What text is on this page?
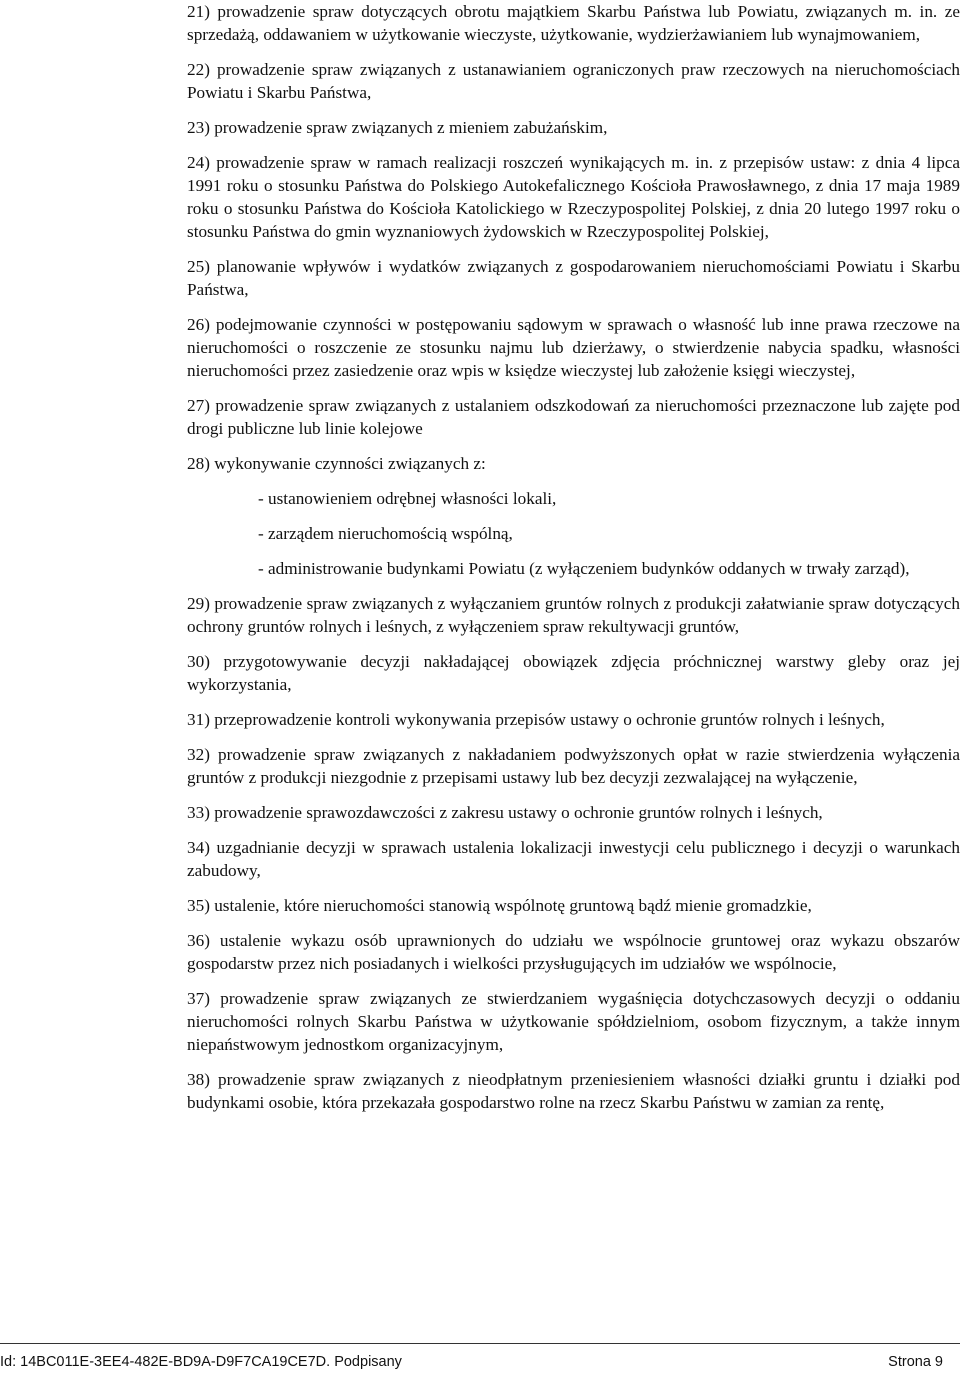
21) prowadzenie spraw dotyczących obrotu majątkiem Skarbu Państwa lub Powiatu, związanych m. in. ze sprzedażą, oddawaniem w użytkowanie wieczyste, użytkowanie, wydzierżawianiem lub wynajmowaniem,

22) prowadzenie spraw związanych z ustanawianiem ograniczonych praw rzeczowych na nieruchomościach Powiatu i Skarbu Państwa,

23) prowadzenie spraw związanych z mieniem zabużańskim,

24) prowadzenie spraw w ramach realizacji roszczeń wynikających m. in. z przepisów ustaw: z dnia 4 lipca 1991 roku o stosunku Państwa do Polskiego Autokefalicznego Kościoła Prawosławnego, z dnia 17 maja 1989 roku o stosunku Państwa do Kościoła Katolickiego w Rzeczypospolitej Polskiej, z dnia 20 lutego 1997 roku o stosunku Państwa do gmin wyznaniowych żydowskich w Rzeczypospolitej Polskiej,

25) planowanie wpływów i wydatków związanych z gospodarowaniem nieruchomościami Powiatu i Skarbu Państwa,

26) podejmowanie czynności w postępowaniu sądowym w sprawach o własność lub inne prawa rzeczowe na nieruchomości o roszczenie ze stosunku najmu lub dzierżawy, o stwierdzenie nabycia spadku, własności nieruchomości przez zasiedzenie oraz wpis w księdze wieczystej lub założenie księgi wieczystej,

27) prowadzenie spraw związanych z ustalaniem odszkodowań za nieruchomości przeznaczone lub zajęte pod drogi publiczne lub linie kolejowe

28) wykonywanie czynności związanych z:

- ustanowieniem odrębnej własności lokali,
- zarządem nieruchomością wspólną,
- administrowanie budynkami Powiatu (z wyłączeniem budynków oddanych w trwały zarząd),

29) prowadzenie spraw związanych z wyłączaniem gruntów rolnych z produkcji załatwianie spraw dotyczących ochrony gruntów rolnych i leśnych, z wyłączeniem spraw rekultywacji gruntów,

30) przygotowywanie decyzji nakładającej obowiązek zdjęcia próchnicznej warstwy gleby oraz jej wykorzystania,

31) przeprowadzenie kontroli wykonywania przepisów ustawy o ochronie gruntów rolnych i leśnych,

32) prowadzenie spraw związanych z nakładaniem podwyższonych opłat w razie stwierdzenia wyłączenia gruntów z produkcji niezgodnie z przepisami ustawy lub bez decyzji zezwalającej na wyłączenie,

33) prowadzenie sprawozdawczości z zakresu ustawy o ochronie gruntów rolnych i leśnych,

34) uzgadnianie decyzji w sprawach ustalenia lokalizacji inwestycji celu publicznego i decyzji o warunkach zabudowy,

35) ustalenie, które nieruchomości stanowią wspólnotę gruntową bądź mienie gromadzkie,

36) ustalenie wykazu osób uprawnionych do udziału we wspólnocie gruntowej oraz wykazu obszarów gospodarstw przez nich posiadanych i wielkości przysługujących im udziałów we wspólnocie,

37) prowadzenie spraw związanych ze stwierdzaniem wygaśnięcia dotychczasowych decyzji o oddaniu nieruchomości rolnych Skarbu Państwa w użytkowanie spółdzielniom, osobom fizycznym, a także innym niepaństwowym jednostkom organizacyjnym,

38) prowadzenie spraw związanych z nieodpłatnym przeniesieniem własności działki gruntu i działki pod budynkami osobie, która przekazała gospodarstwo rolne na rzecz Skarbu Państwu w zamian za rentę,

Id: 14BC011E-3EE4-482E-BD9A-D9F7CA19CE7D. Podpisany	Strona 9
